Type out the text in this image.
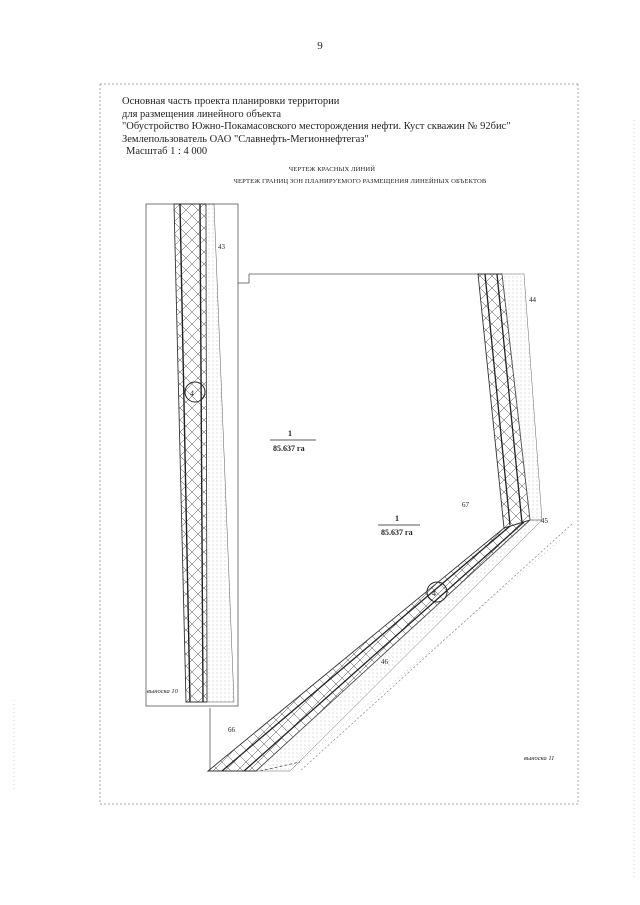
9
Основная часть проекта планировки территории
для размещения линейного объекта
"Обустройство Южно-Покамасовского месторождения нефти. Куст скважин № 92бис"
Землепользователь ОАО "Славнефть-Мегионнефтегаз"
Масштаб 1 : 4 000
ЧЕРТЕЖ КРАСНЫХ ЛИНИЙ
ЧЕРТЕЖ ГРАНИЦ ЗОН ПЛАНИРУЕМОГО РАЗМЕЩЕНИЯ ЛИНЕЙНЫХ ОБЪЕКТОВ
4
4
1
85.637 га
1
85.637 га
43
44
45
46
66
67
выноска 10
выноска 11
